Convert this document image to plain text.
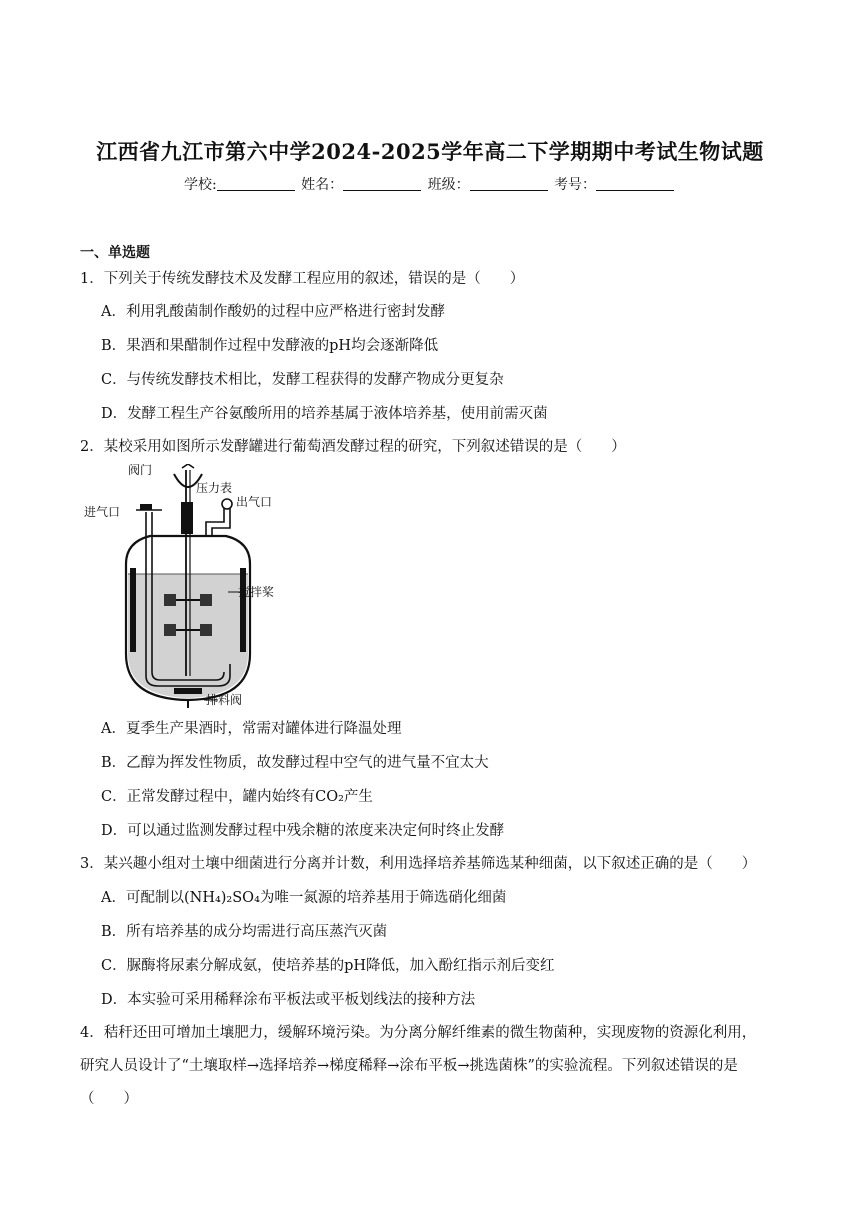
江西省九江市第六中学2024-2025学年高二下学期期中考试生物试题
学校:	姓名：	班级：	考号：
一、单选题
1．下列关于传统发酵技术及发酵工程应用的叙述，错误的是（　　）
A．利用乳酸菌制作酸奶的过程中应严格进行密封发酵
B．果酒和果醋制作过程中发酵液的pH均会逐渐降低
C．与传统发酵技术相比，发酵工程获得的发酵产物成分更复杂
D．发酵工程生产谷氨酸所用的培养基属于液体培养基，使用前需灭菌
2．某校采用如图所示发酵罐进行葡萄酒发酵过程的研究，下列叙述错误的是（　　）
阀门
进气口
压力表
出气口
搅拌桨
排料阀
A．夏季生产果酒时，常需对罐体进行降温处理
B．乙醇为挥发性物质，故发酵过程中空气的进气量不宜太大
C．正常发酵过程中，罐内始终有CO₂产生
D．可以通过监测发酵过程中残余糖的浓度来决定何时终止发酵
3．某兴趣小组对土壤中细菌进行分离并计数，利用选择培养基筛选某种细菌，以下叙述正确的是（　　）
A．可配制以(NH₄)₂SO₄为唯一氮源的培养基用于筛选硝化细菌
B．所有培养基的成分均需进行高压蒸汽灭菌
C．脲酶将尿素分解成氨，使培养基的pH降低，加入酚红指示剂后变红
D．本实验可采用稀释涂布平板法或平板划线法的接种方法
4．秸秆还田可增加土壤肥力，缓解环境污染。为分离分解纤维素的微生物菌种，实现废物的资源化利用，
研究人员设计了“土壤取样→选择培养→梯度稀释→涂布平板→挑选菌株”的实验流程。下列叙述错误的是
（　　）
